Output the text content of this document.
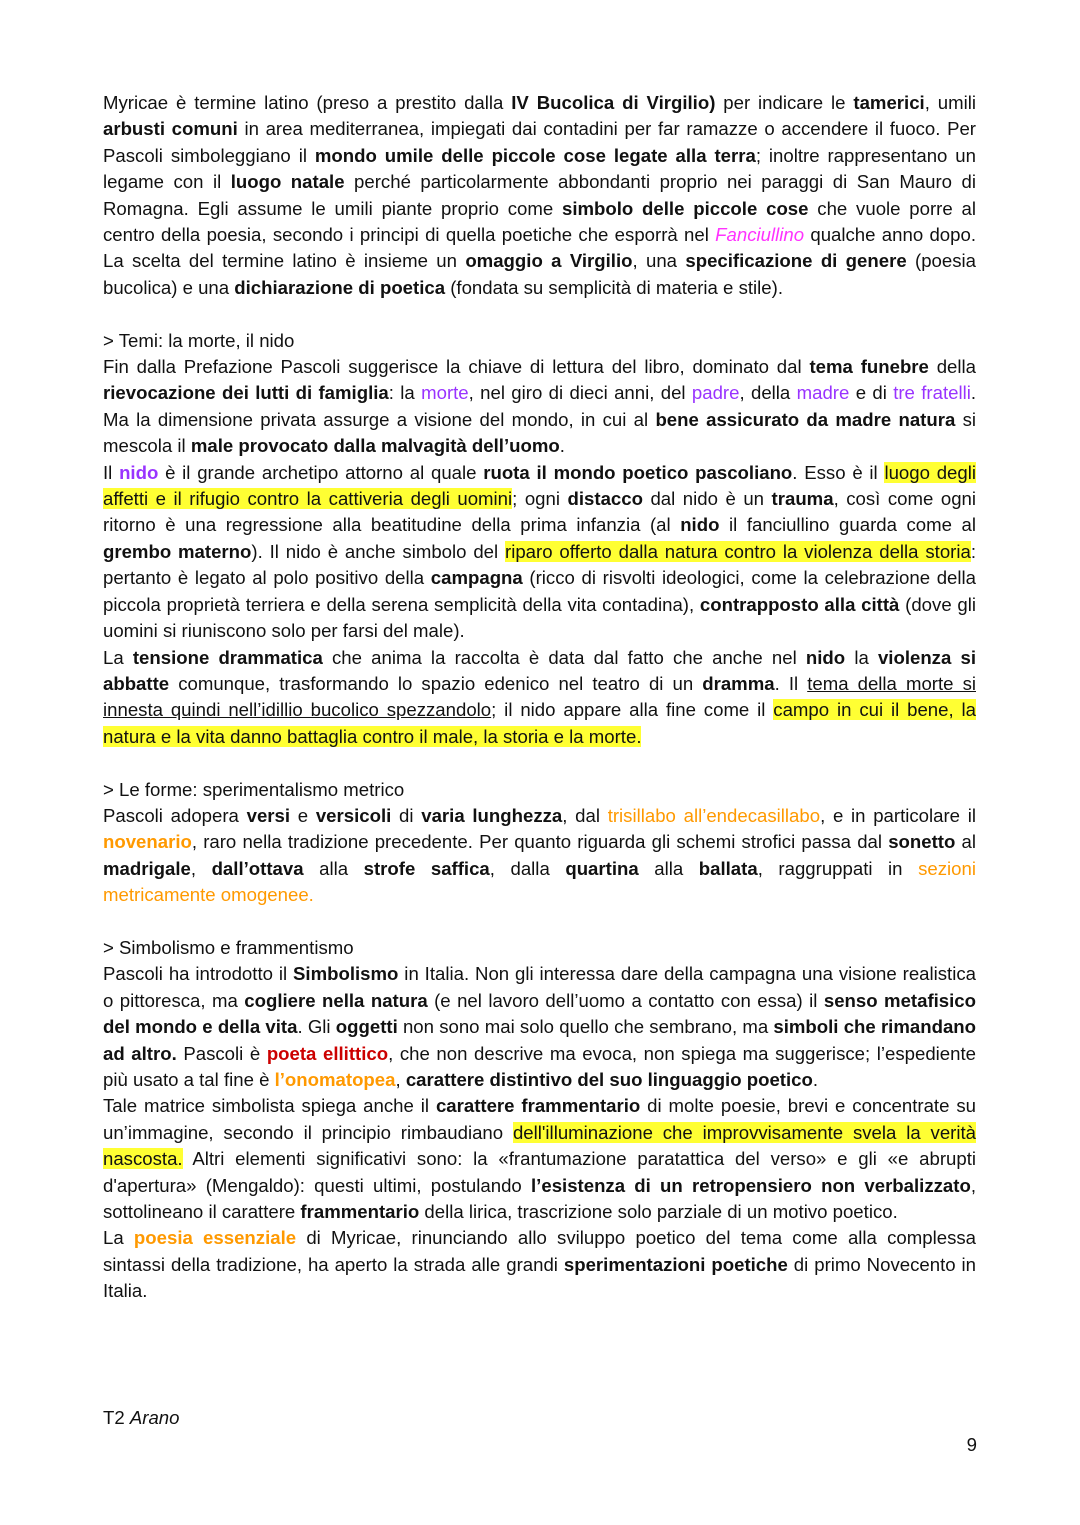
Myricae è termine latino (preso a prestito dalla IV Bucolica di Virgilio) per indicare le tamerici, umili arbusti comuni in area mediterranea, impiegati dai contadini per far ramazze o accendere il fuoco. Per Pascoli simboleggiano il mondo umile delle piccole cose legate alla terra; inoltre rappresentano un legame con il luogo natale perché particolarmente abbondanti proprio nei paraggi di San Mauro di Romagna. Egli assume le umili piante proprio come simbolo delle piccole cose che vuole porre al centro della poesia, secondo i principi di quella poetiche che esporrà nel Fanciullino qualche anno dopo. La scelta del termine latino è insieme un omaggio a Virgilio, una specificazione di genere (poesia bucolica) e una dichiarazione di poetica (fondata su semplicità di materia e stile).

> Temi: la morte, il nido

Fin dalla Prefazione Pascoli suggerisce la chiave di lettura del libro, dominato dal tema funebre della rievocazione dei lutti di famiglia: la morte, nel giro di dieci anni, del padre, della madre e di tre fratelli. Ma la dimensione privata assurge a visione del mondo, in cui al bene assicurato da madre natura si mescola il male provocato dalla malvagità dell’uomo.

Il nido è il grande archetipo attorno al quale ruota il mondo poetico pascoliano. Esso è il luogo degli affetti e il rifugio contro la cattiveria degli uomini; ogni distacco dal nido è un trauma, così come ogni ritorno è una regressione alla beatitudine della prima infanzia (al nido il fanciullino guarda come al grembo materno). Il nido è anche simbolo del riparo offerto dalla natura contro la violenza della storia: pertanto è legato al polo positivo della campagna (ricco di risvolti ideologici, come la celebrazione della piccola proprietà terriera e della serena semplicità della vita contadina), contrapposto alla città (dove gli uomini si riuniscono solo per farsi del male).

La tensione drammatica che anima la raccolta è data dal fatto che anche nel nido la violenza si abbatte comunque, trasformando lo spazio edenico nel teatro di un dramma. Il tema della morte si innesta quindi nell’idillio bucolico spezzandolo; il nido appare alla fine come il campo in cui il bene, la natura e la vita danno battaglia contro il male, la storia e la morte.

> Le forme: sperimentalismo metrico

Pascoli adopera versi e versicoli di varia lunghezza, dal trisillabo all’endecasillabo, e in particolare il novenario, raro nella tradizione precedente. Per quanto riguarda gli schemi strofici passa dal sonetto al madrigale, dall’ottava alla strofe saffica, dalla quartina alla ballata, raggruppati in sezioni metricamente omogenee.

> Simbolismo e frammentismo

Pascoli ha introdotto il Simbolismo in Italia. Non gli interessa dare della campagna una visione realistica o pittoresca, ma cogliere nella natura (e nel lavoro dell’uomo a contatto con essa) il senso metafisico del mondo e della vita. Gli oggetti non sono mai solo quello che sembrano, ma simboli che rimandano ad altro. Pascoli è poeta ellittico, che non descrive ma evoca, non spiega ma suggerisce; l’espediente più usato a tal fine è l’onomatopea, carattere distintivo del suo linguaggio poetico.

Tale matrice simbolista spiega anche il carattere frammentario di molte poesie, brevi e concentrate su un’immagine, secondo il principio rimbaudiano dell'illuminazione che improvvisamente svela la verità nascosta. Altri elementi significativi sono: la «frantumazione paratattica del verso» e gli «e abrupti d'apertura» (Mengaldo): questi ultimi, postulando l’esistenza di un retropensiero non verbalizzato, sottolineano il carattere frammentario della lirica, trascrizione solo parziale di un motivo poetico.

La poesia essenziale di Myricae, rinunciando allo sviluppo poetico del tema come alla complessa sintassi della tradizione, ha aperto la strada alle grandi sperimentazioni poetiche di primo Novecento in Italia.

T2 Arano
9
